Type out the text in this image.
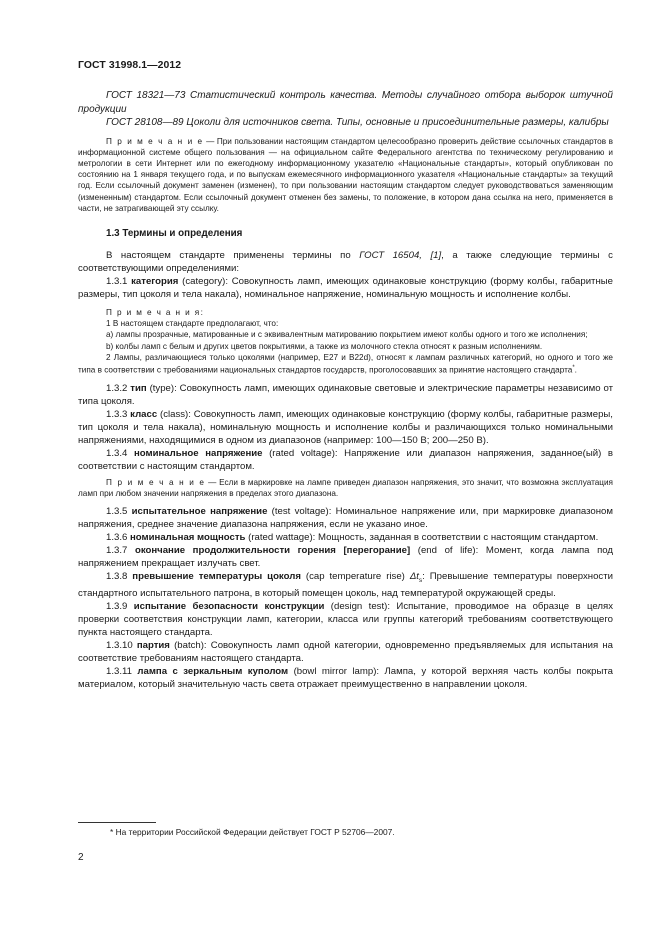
ГОСТ 31998.1—2012

ГОСТ 18321—73 Статистический контроль качества. Методы случайного отбора выборок штучной продукции

ГОСТ 28108—89 Цоколи для источников света. Типы, основные и присоединительные размеры, калибры

П р и м е ч а н и е — При пользовании настоящим стандартом целесообразно проверить действие ссылочных стандартов в информационной системе общего пользования — на официальном сайте Федерального агентства по техническому регулированию и метрологии в сети Интернет или по ежегодному информационному указателю «Национальные стандарты», который опубликован по состоянию на 1 января текущего года, и по выпускам ежемесячного информационного указателя «Национальные стандарты» за текущий год. Если ссылочный документ заменен (изменен), то при пользовании настоящим стандартом следует руководствоваться заменяющим (измененным) стандартом. Если ссылочный документ отменен без замены, то положение, в котором дана ссылка на него, применяется в части, не затрагивающей эту ссылку.

1.3 Термины и определения

В настоящем стандарте применены термины по ГОСТ 16504, [1], а также следующие термины с соответствующими определениями:

1.3.1 категория (category): Совокупность ламп, имеющих одинаковые конструкцию (форму колбы, габаритные размеры, тип цоколя и тела накала), номинальное напряжение, номинальную мощность и исполнение колбы.

П р и м е ч а н и я:

1 В настоящем стандарте предполагают, что:

a) лампы прозрачные, матированные и с эквивалентным матированию покрытием имеют колбы одного и того же исполнения;

b) колбы ламп с белым и других цветов покрытиями, а также из молочного стекла относят к разным исполнениям.

2 Лампы, различающиеся только цоколями (например, E27 и B22d), относят к лампам различных категорий, но одного и того же типа в соответствии с требованиями национальных стандартов государств, проголосовавших за принятие настоящего стандарта*.

1.3.2 тип (type): Совокупность ламп, имеющих одинаковые световые и электрические параметры независимо от типа цоколя.

1.3.3 класс (class): Совокупность ламп, имеющих одинаковые конструкцию (форму колбы, габаритные размеры, тип цоколя и тела накала), номинальную мощность и исполнение колбы и различающихся только номинальными напряжениями, находящимися в одном из диапазонов (например: 100—150 В; 200—250 В).

1.3.4 номинальное напряжение (rated voltage): Напряжение или диапазон напряжения, заданное(ый) в соответствии с настоящим стандартом.

П р и м е ч а н и е — Если в маркировке на лампе приведен диапазон напряжения, это значит, что возможна эксплуатация ламп при любом значении напряжения в пределах этого диапазона.

1.3.5 испытательное напряжение (test voltage): Номинальное напряжение или, при маркировке диапазоном напряжения, среднее значение диапазона напряжения, если не указано иное.

1.3.6 номинальная мощность (rated wattage): Мощность, заданная в соответствии с настоящим стандартом.

1.3.7 окончание продолжительности горения [перегорание] (end of life): Момент, когда лампа под напряжением прекращает излучать свет.

1.3.8 превышение температуры цоколя (cap temperature rise) $\Delta t_s$: Превышение температуры поверхности стандартного испытательного патрона, в который помещен цоколь, над температурой окружающей среды.

1.3.9 испытание безопасности конструкции (design test): Испытание, проводимое на образце в целях проверки соответствия конструкции ламп, категории, класса или группы категорий требованиям соответствующего пункта настоящего стандарта.

1.3.10 партия (batch): Совокупность ламп одной категории, одновременно предъявляемых для испытания на соответствие требованиям настоящего стандарта.

1.3.11 лампа с зеркальным куполом (bowl mirror lamp): Лампа, у которой верхняя часть колбы покрыта материалом, который значительную часть света отражает преимущественно в направлении цоколя.

* На территории Российской Федерации действует ГОСТ Р 52706—2007.
2
